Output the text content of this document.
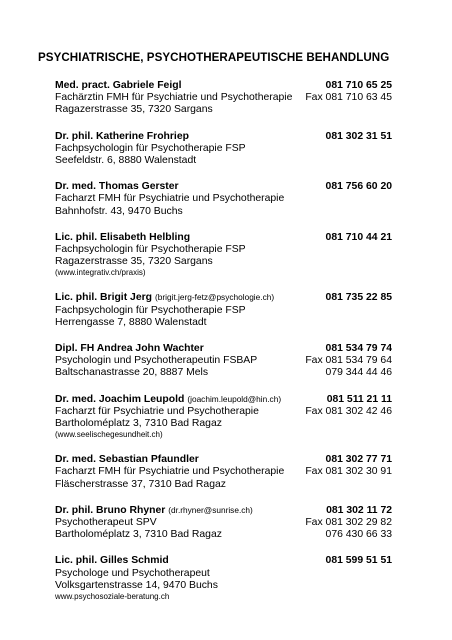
PSYCHIATRISCHE, PSYCHOTHERAPEUTISCHE BEHANDLUNG
Med. pract. Gabriele Feigl	081 710 65 25
Fachärztin FMH für Psychiatrie und Psychotherapie Fax 081 710 63 45
Ragazerstrasse 35, 7320 Sargans
Dr. phil. Katherine Frohriep	081 302 31 51
Fachpsychologin für Psychotherapie FSP
Seefeldstr. 6, 8880 Walenstadt
Dr. med. Thomas Gerster	081 756 60 20
Facharzt FMH für Psychiatrie und Psychotherapie
Bahnhofstr. 43, 9470 Buchs
Lic. phil. Elisabeth Helbling	081 710 44 21
Fachpsychologin für Psychotherapie FSP
Ragazerstrasse 35, 7320 Sargans
(www.integrativ.ch/praxis)
Lic. phil. Brigit Jerg (brigit.jerg-fetz@psychologie.ch)	081 735 22 85
Fachpsychologin für Psychotherapie FSP
Herrengasse 7, 8880 Walenstadt
Dipl. FH Andrea John Wachter	081 534 79 74
Psychologin und Psychotherapeutin FSBAP	Fax 081 534 79 64
Baltschanastrasse 20, 8887 Mels	079 344 44 46
Dr. med. Joachim Leupold (joachim.leupold@hin.ch)	081 511 21 11
Facharzt für Psychiatrie und Psychotherapie	Fax 081 302 42 46
Bartholoméplatz 3, 7310 Bad Ragaz
(www.seelischegesundheit.ch)
Dr. med. Sebastian Pfaundler	081 302 77 71
Facharzt FMH für Psychiatrie und Psychotherapie Fax 081 302 30 91
Fläscherstrasse 37, 7310 Bad Ragaz
Dr. phil. Bruno Rhyner (dr.rhyner@sunrise.ch)	081 302 11 72
Psychotherapeut SPV	Fax 081 302 29 82
Bartholoméplatz 3, 7310 Bad Ragaz	076 430 66 33
Lic. phil. Gilles Schmid	081 599 51 51
Psychologe und Psychotherapeut
Volksgartenstrasse 14, 9470 Buchs
www.psychosoziale-beratung.ch
